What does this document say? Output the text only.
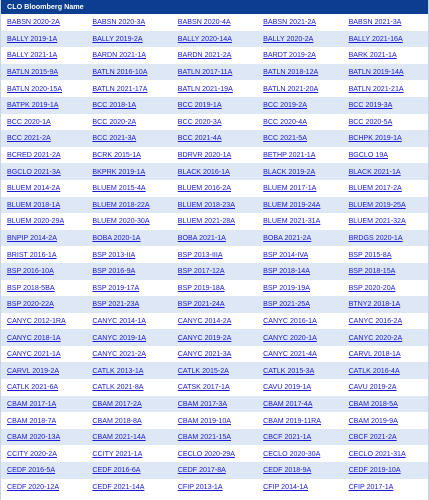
CLO Bloomberg Name
BABSN 2020-2A	BABSN 2020-3A	BABSN 2020-4A	BABSN 2021-2A	BABSN 2021-3A
BALLY 2019-1A	BALLY 2019-2A	BALLY 2020-14A	BALLY 2020-2A	BALLY 2021-16A
BALLY 2021-1A	BARDN 2021-1A	BARDN 2021-2A	BARDT 2019-2A	BARK 2021-1A
BATLN 2015-9A	BATLN 2016-10A	BATLN 2017-11A	BATLN 2018-12A	BATLN 2019-14A
BATLN 2020-15A	BATLN 2021-17A	BATLN 2021-19A	BATLN 2021-20A	BATLN 2021-21A
BATPK 2019-1A	BCC 2018-1A	BCC 2019-1A	BCC 2019-2A	BCC 2019-3A
BCC 2020-1A	BCC 2020-2A	BCC 2020-3A	BCC 2020-4A	BCC 2020-5A
BCC 2021-2A	BCC 2021-3A	BCC 2021-4A	BCC 2021-5A	BCHPK 2019-1A
BCRED 2021-2A	BCRK 2015-1A	BDRVR 2020-1A	BETHP 2021-1A	BGCLO 19A
BGCLO 2021-3A	BKPRK 2019-1A	BLACK 2016-1A	BLACK 2019-2A	BLACK 2021-1A
BLUEM 2014-2A	BLUEM 2015-4A	BLUEM 2016-2A	BLUEM 2017-1A	BLUEM 2017-2A
BLUEM 2018-1A	BLUEM 2018-22A	BLUEM 2018-23A	BLUEM 2019-24A	BLUEM 2019-25A
BLUEM 2020-29A	BLUEM 2020-30A	BLUEM 2021-28A	BLUEM 2021-31A	BLUEM 2021-32A
BNPIP 2014-2A	BOBA 2020-1A	BOBA 2021-1A	BOBA 2021-2A	BRDGS 2020-1A
BRIST 2016-1A	BSP 2013-IIA	BSP 2013-IIIA	BSP 2014-IVA	BSP 2015-8A
BSP 2016-10A	BSP 2016-9A	BSP 2017-12A	BSP 2018-14A	BSP 2018-15A
BSP 2018-5BA	BSP 2019-17A	BSP 2019-18A	BSP 2019-19A	BSP 2020-20A
BSP 2020-22A	BSP 2021-23A	BSP 2021-24A	BSP 2021-25A	BTNY2 2018-1A
CANYC 2012-1RA	CANYC 2014-1A	CANYC 2014-2A	CANYC 2016-1A	CANYC 2016-2A
CANYC 2018-1A	CANYC 2019-1A	CANYC 2019-2A	CANYC 2020-1A	CANYC 2020-2A
CANYC 2021-1A	CANYC 2021-2A	CANYC 2021-3A	CANYC 2021-4A	CARVL 2018-1A
CARVL 2019-2A	CATLK 2013-1A	CATLK 2015-2A	CATLK 2015-3A	CATLK 2016-4A
CATLK 2021-6A	CATLK 2021-8A	CATSK 2017-1A	CAVU 2019-1A	CAVU 2019-2A
CBAM 2017-1A	CBAM 2017-2A	CBAM 2017-3A	CBAM 2017-4A	CBAM 2018-5A
CBAM 2018-7A	CBAM 2018-8A	CBAM 2019-10A	CBAM 2019-11RA	CBAM 2019-9A
CBAM 2020-13A	CBAM 2021-14A	CBAM 2021-15A	CBCF 2021-1A	CBCF 2021-2A
CCITY 2020-2A	CCITY 2021-1A	CECLO 2020-29A	CECLO 2020-30A	CECLO 2021-31A
CEDF 2016-5A	CEDF 2016-6A	CEDF 2017-8A	CEDF 2018-9A	CEDF 2019-10A
CEDF 2020-12A	CEDF 2021-14A	CFIP 2013-1A	CFIP 2014-1A	CFIP 2017-1A
